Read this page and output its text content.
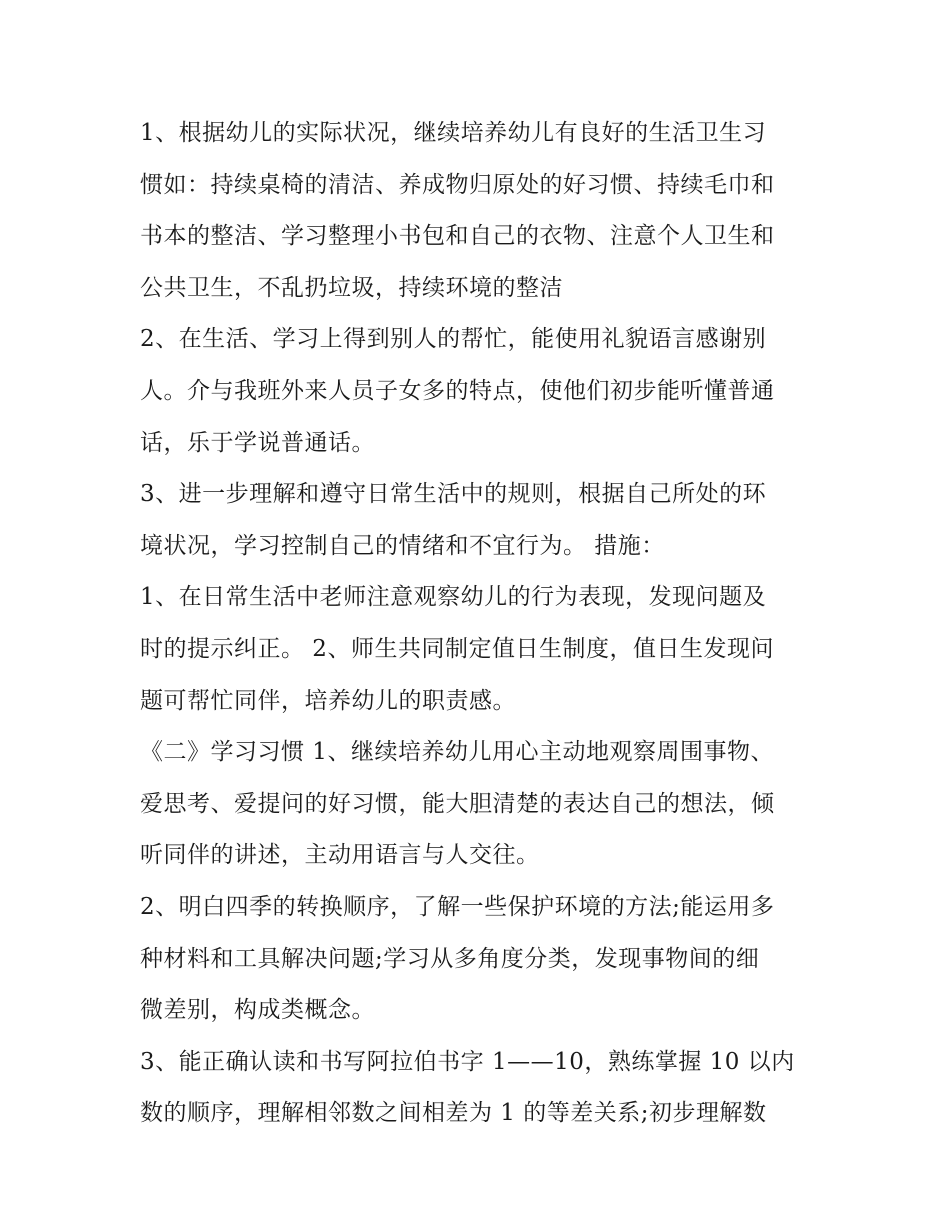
1、根据幼儿的实际状况，继续培养幼儿有良好的生活卫生习
惯如：持续桌椅的清洁、养成物归原处的好习惯、持续毛巾和
书本的整洁、学习整理小书包和自己的衣物、注意个人卫生和
公共卫生，不乱扔垃圾，持续环境的整洁
2、在生活、学习上得到别人的帮忙，能使用礼貌语言感谢别
人。介与我班外来人员子女多的特点，使他们初步能听懂普通
话，乐于学说普通话。
3、进一步理解和遵守日常生活中的规则，根据自己所处的环
境状况，学习控制自己的情绪和不宜行为。 措施：
1、在日常生活中老师注意观察幼儿的行为表现，发现问题及
时的提示纠正。 2、师生共同制定值日生制度，值日生发现问
题可帮忙同伴，培养幼儿的职责感。
《二》学习习惯 1、继续培养幼儿用心主动地观察周围事物、
爱思考、爱提问的好习惯，能大胆清楚的表达自己的想法，倾
听同伴的讲述，主动用语言与人交往。
2、明白四季的转换顺序，了解一些保护环境的方法;能运用多
种材料和工具解决问题;学习从多角度分类，发现事物间的细
微差别，构成类概念。
3、能正确认读和书写阿拉伯书字 1——10，熟练掌握 10 以内
数的顺序，理解相邻数之间相差为 1 的等差关系;初步理解数
